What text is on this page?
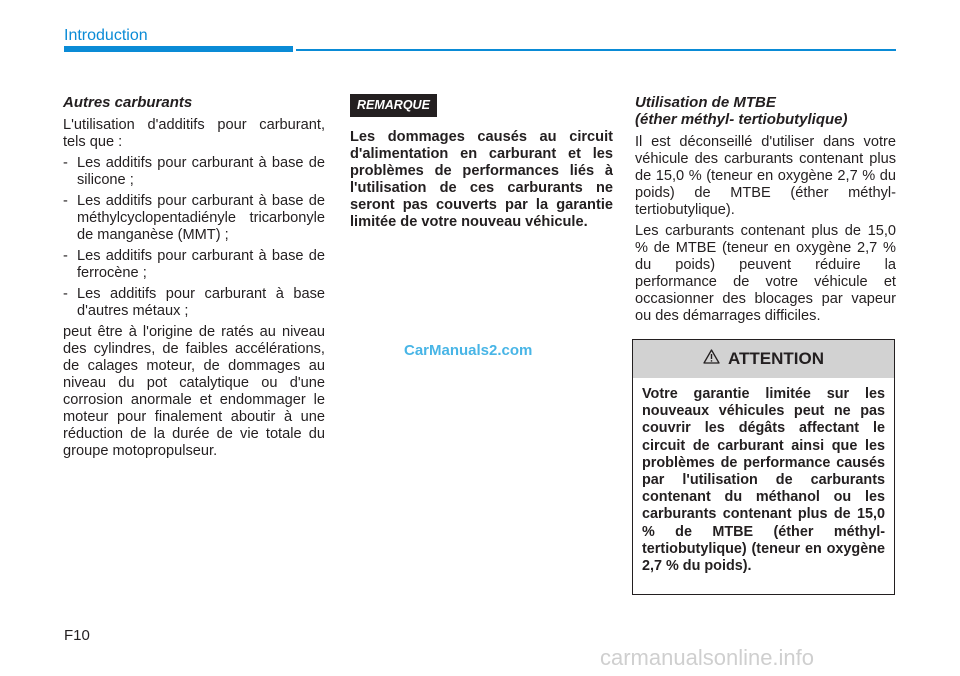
Introduction
Autres carburants

L'utilisation d'additifs pour carburant, tels que :

- Les additifs pour carburant à base de silicone ;
- Les additifs pour carburant à base de méthylcyclopentadiényle tricarbonyle de manganèse (MMT) ;
- Les additifs pour carburant à base de ferrocène ;
- Les additifs pour carburant à base d'autres métaux ;

peut être à l'origine de ratés au niveau des cylindres, de faibles accélérations, de calages moteur, de dommages au niveau du pot catalytique ou d'une corrosion anormale et endommager le moteur pour finalement aboutir à une réduction de la durée de vie totale du groupe motopropulseur.

REMARQUE

Les dommages causés au circuit d'alimentation en carburant et les problèmes de performances liés à l'utilisation de ces carburants ne seront pas couverts par la garantie limitée de votre nouveau véhicule.

Utilisation de MTBE
(éther méthyl- tertiobutylique)

Il est déconseillé d'utiliser dans votre véhicule des carburants contenant plus de 15,0 % (teneur en oxygène 2,7 % du poids) de MTBE (éther méthyl- tertiobutylique).

Les carburants contenant plus de 15,0 % de MTBE (teneur en oxygène 2,7 % du poids) peuvent réduire la performance de votre véhicule et occasionner des blocages par vapeur ou des démarrages difficiles.

ATTENTION
Votre garantie limitée sur les nouveaux véhicules peut ne pas couvrir les dégâts affectant le circuit de carburant ainsi que les problèmes de performance causés par l'utilisation de carburants contenant du méthanol ou les carburants contenant plus de 15,0 % de MTBE (éther méthyl- tertiobutylique) (teneur en oxygène 2,7 % du poids).
CarManuals2.com
F10
carmanualsonline.info
